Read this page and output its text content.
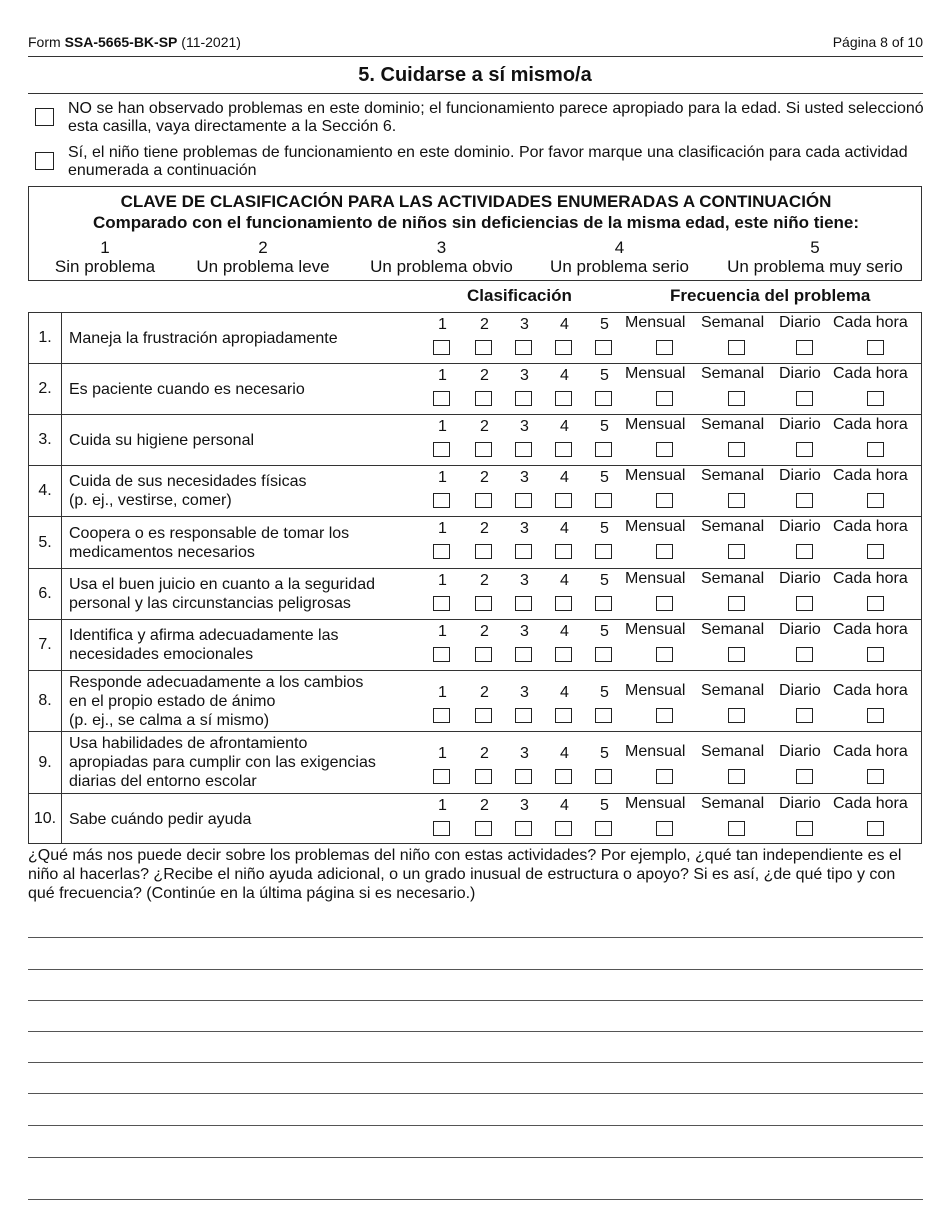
Form SSA-5665-BK-SP (11-2021)	Página 8 of 10
5. Cuidarse a sí mismo/a
NO se han observado problemas en este dominio; el funcionamiento parece apropiado para la edad. Si usted seleccionó esta casilla, vaya directamente a la Sección 6.
Sí, el niño tiene problemas de funcionamiento en este dominio. Por favor marque una clasificación para cada actividad enumerada a continuación
CLAVE DE CLASIFICACIÓN PARA LAS ACTIVIDADES ENUMERADAS A CONTINUACIÓN
Comparado con el funcionamiento de niños sin deficiencias de la misma edad, este niño tiene:
1
Sin problema
2
Un problema leve
3
Un problema obvio
4
Un problema serio
5
Un problema muy serio
Clasificación	Frecuencia del problema
1.	Maneja la frustración apropiadamente
1 2 3 4 5 Mensual Semanal Diario Cada hora
2.	Es paciente cuando es necesario
1 2 3 4 5 Mensual Semanal Diario Cada hora
3.	Cuida su higiene personal
1 2 3 4 5 Mensual Semanal Diario Cada hora
4.
Cuida de sus necesidades físicas
(p. ej., vestirse, comer)
1 2 3 4 5 Mensual Semanal Diario Cada hora
5.
Coopera o es responsable de tomar los
medicamentos necesarios
1 2 3 4 5 Mensual Semanal Diario Cada hora
6.
Usa el buen juicio en cuanto a la seguridad
personal y las circunstancias peligrosas
1 2 3 4 5 Mensual Semanal Diario Cada hora
7.
Identifica y afirma adecuadamente las
necesidades emocionales
1 2 3 4 5 Mensual Semanal Diario Cada hora
8.
Responde adecuadamente a los cambios
en el propio estado de ánimo
(p. ej., se calma a sí mismo)
1 2 3 4 5 Mensual Semanal Diario Cada hora
9.
Usa habilidades de afrontamiento
apropiadas para cumplir con las exigencias
diarias del entorno escolar
1 2 3 4 5 Mensual Semanal Diario Cada hora
10. Sabe cuándo pedir ayuda
1 2 3 4 5 Mensual Semanal Diario Cada hora
¿Qué más nos puede decir sobre los problemas del niño con estas actividades? Por ejemplo, ¿qué tan independiente es el niño al hacerlas? ¿Recibe el niño ayuda adicional, o un grado inusual de estructura o apoyo? Si es así, ¿de qué tipo y con qué frecuencia? (Continúe en la última página si es necesario.)
